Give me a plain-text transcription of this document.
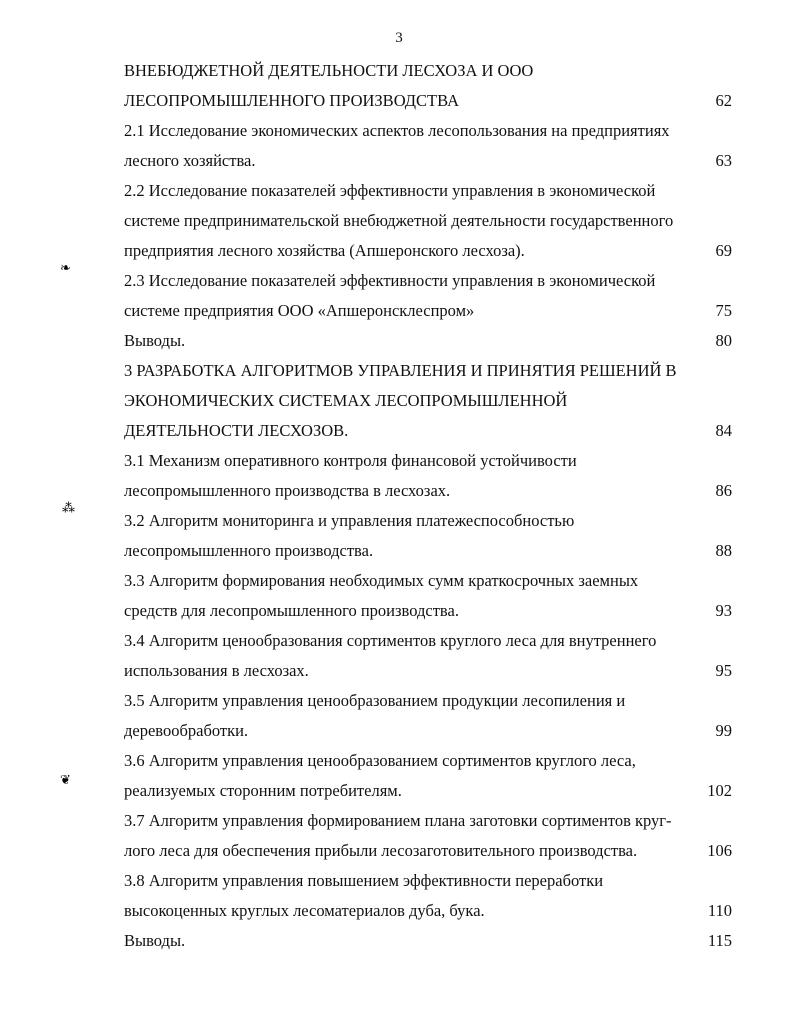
3
ВНЕБЮДЖЕТНОЙ ДЕЯТЕЛЬНОСТИ ЛЕСХОЗА И ООО
ЛЕСОПРОМЫШЛЕННОГО ПРОИЗВОДСТВА	62
2.1 Исследование экономических аспектов лесопользования на предприятиях
лесного хозяйства.	63
2.2 Исследование показателей эффективности управления в экономической
системе предпринимательской внебюджетной деятельности государственного
предприятия лесного хозяйства (Апшеронского лесхоза).	69
2.3 Исследование показателей эффективности управления в экономической
системе предприятия ООО «Апшеронсклеспром»	75
Выводы.	80
3 РАЗРАБОТКА АЛГОРИТМОВ УПРАВЛЕНИЯ И ПРИНЯТИЯ РЕШЕНИЙ В
ЭКОНОМИЧЕСКИХ СИСТЕМАХ ЛЕСОПРОМЫШЛЕННОЙ
ДЕЯТЕЛЬНОСТИ ЛЕСХОЗОВ.	84
3.1 Механизм оперативного контроля финансовой устойчивости
лесопромышленного производства в лесхозах.	86
3.2 Алгоритм мониторинга и управления платежеспособностью
лесопромышленного производства.	88
3.3 Алгоритм формирования необходимых сумм краткосрочных заемных
средств для лесопромышленного производства.	93
3.4 Алгоритм ценообразования сортиментов круглого леса для внутреннего
использования в лесхозах.	95
3.5 Алгоритм управления ценообразованием продукции лесопиления и
деревообработки.	99
3.6 Алгоритм управления ценообразованием сортиментов круглого леса,
реализуемых сторонним потребителям.	102
3.7 Алгоритм управления формированием плана заготовки сортиментов круг-
лого леса для обеспечения прибыли лесозаготовительного производства.	106
3.8 Алгоритм управления повышением эффективности переработки
высокоценных круглых лесоматериалов дуба, бука.	110
Выводы.	115
❧
⁂
❦
